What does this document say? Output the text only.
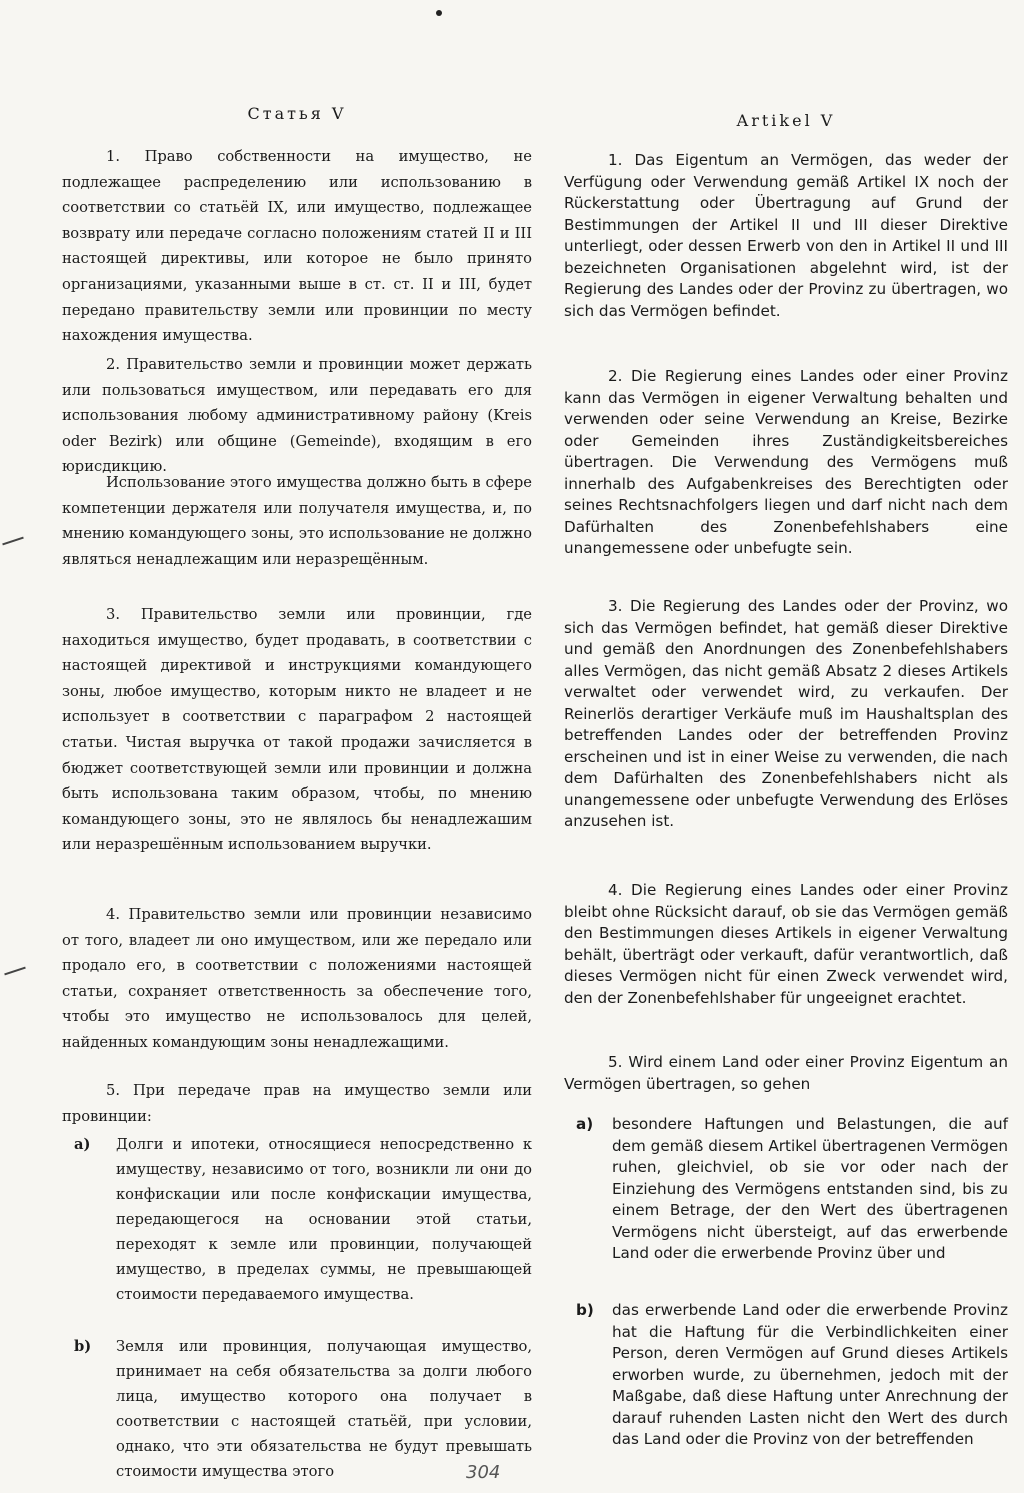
Статья V
1. Право собственности на имущество, не подлежащее распределению или использованию в соответствии со статьёй IX, или имущество, подлежащее возврату или передаче согласно положениям статей II и III настоящей директивы, или которое не было принято организациями, указанными выше в ст. ст. II и III, будет передано правительству земли или провинции по месту нахождения имущества.
2. Правительство земли и провинции может держать или пользоваться имуществом, или передавать его для использования любому административному району (Kreis oder Bezirk) или общине (Gemeinde), входящим в его юрисдикцию.
Использование этого имущества должно быть в сфере компетенции держателя или получателя имущества, и, по мнению командующего зоны, это использование не должно являться ненадлежащим или неразрещённым.
3. Правительство земли или провинции, где находиться имущество, будет продавать, в соответствии с настоящей директивой и инструкциями командующего зоны, любое имущество, которым никто не владеет и не использует в соответствии с параграфом 2 настоящей статьи. Чистая выручка от такой продажи зачисляется в бюджет соответствующей земли или провинции и должна быть использована таким образом, чтобы, по мнению командующего зоны, это не являлось бы ненадлежашим или неразрешённым использованием выручки.
4. Правительство земли или провинции независимо от того, владеет ли оно имуществом, или же передало или продало его, в соответствии с положениями настоящей статьи, сохраняет ответственность за обеспечение того, чтобы это имущество не использовалось для целей, найденных командующим зоны ненадлежащими.
5. При передаче прав на имущество земли или провинции:
a) Долги и ипотеки, относящиеся непосредственно к имуществу, независимо от того, возникли ли они до конфискации или после конфискации имущества, передающегося на основании этой статьи, переходят к земле или провинции, получающей имущество, в пределах суммы, не превышающей стоимости передаваемого имущества.
b) Земля или провинция, получающая имущество, принимает на себя обязательства за долги любого лица, имущество которого она получает в соответствии с настоящей статьёй, при условии, однако, что эти обязательства не будут превышать стоимости имущества этого
Artikel V
1. Das Eigentum an Vermögen, das weder der Verfügung oder Verwendung gemäß Artikel IX noch der Rückerstattung oder Übertragung auf Grund der Bestimmungen der Artikel II und III dieser Direktive unterliegt, oder dessen Erwerb von den in Artikel II und III bezeichneten Organisationen abgelehnt wird, ist der Regierung des Landes oder der Provinz zu übertragen, wo sich das Vermögen befindet.
2. Die Regierung eines Landes oder einer Provinz kann das Vermögen in eigener Verwaltung behalten und verwenden oder seine Verwendung an Kreise, Bezirke oder Gemeinden ihres Zuständigkeitsbereiches übertragen. Die Verwendung des Vermögens muß innerhalb des Aufgabenkreises des Berechtigten oder seines Rechtsnachfolgers liegen und darf nicht nach dem Dafürhalten des Zonenbefehlshabers eine unangemessene oder unbefugte sein.
3. Die Regierung des Landes oder der Provinz, wo sich das Vermögen befindet, hat gemäß dieser Direktive und gemäß den Anordnungen des Zonenbefehlshabers alles Vermögen, das nicht gemäß Absatz 2 dieses Artikels verwaltet oder verwendet wird, zu verkaufen. Der Reinerlös derartiger Verkäufe muß im Haushaltsplan des betreffenden Landes oder der betreffenden Provinz erscheinen und ist in einer Weise zu verwenden, die nach dem Dafürhalten des Zonenbefehlshabers nicht als unangemessene oder unbefugte Verwendung des Erlöses anzusehen ist.
4. Die Regierung eines Landes oder einer Provinz bleibt ohne Rücksicht darauf, ob sie das Vermögen gemäß den Bestimmungen dieses Artikels in eigener Verwaltung behält, überträgt oder verkauft, dafür verantwortlich, daß dieses Vermögen nicht für einen Zweck verwendet wird, den der Zonenbefehlshaber für ungeeignet erachtet.
5. Wird einem Land oder einer Provinz Eigentum an Vermögen übertragen, so gehen
a) besondere Haftungen und Belastungen, die auf dem gemäß diesem Artikel übertragenen Vermögen ruhen, gleichviel, ob sie vor oder nach der Einziehung des Vermögens entstanden sind, bis zu einem Betrage, der den Wert des übertragenen Vermögens nicht übersteigt, auf das erwerbende Land oder die erwerbende Provinz über und
b) das erwerbende Land oder die erwerbende Provinz hat die Haftung für die Verbindlichkeiten einer Person, deren Vermögen auf Grund dieses Artikels erworben wurde, zu übernehmen, jedoch mit der Maßgabe, daß diese Haftung unter Anrechnung der darauf ruhenden Lasten nicht den Wert des durch das Land oder die Provinz von der betreffenden
304
